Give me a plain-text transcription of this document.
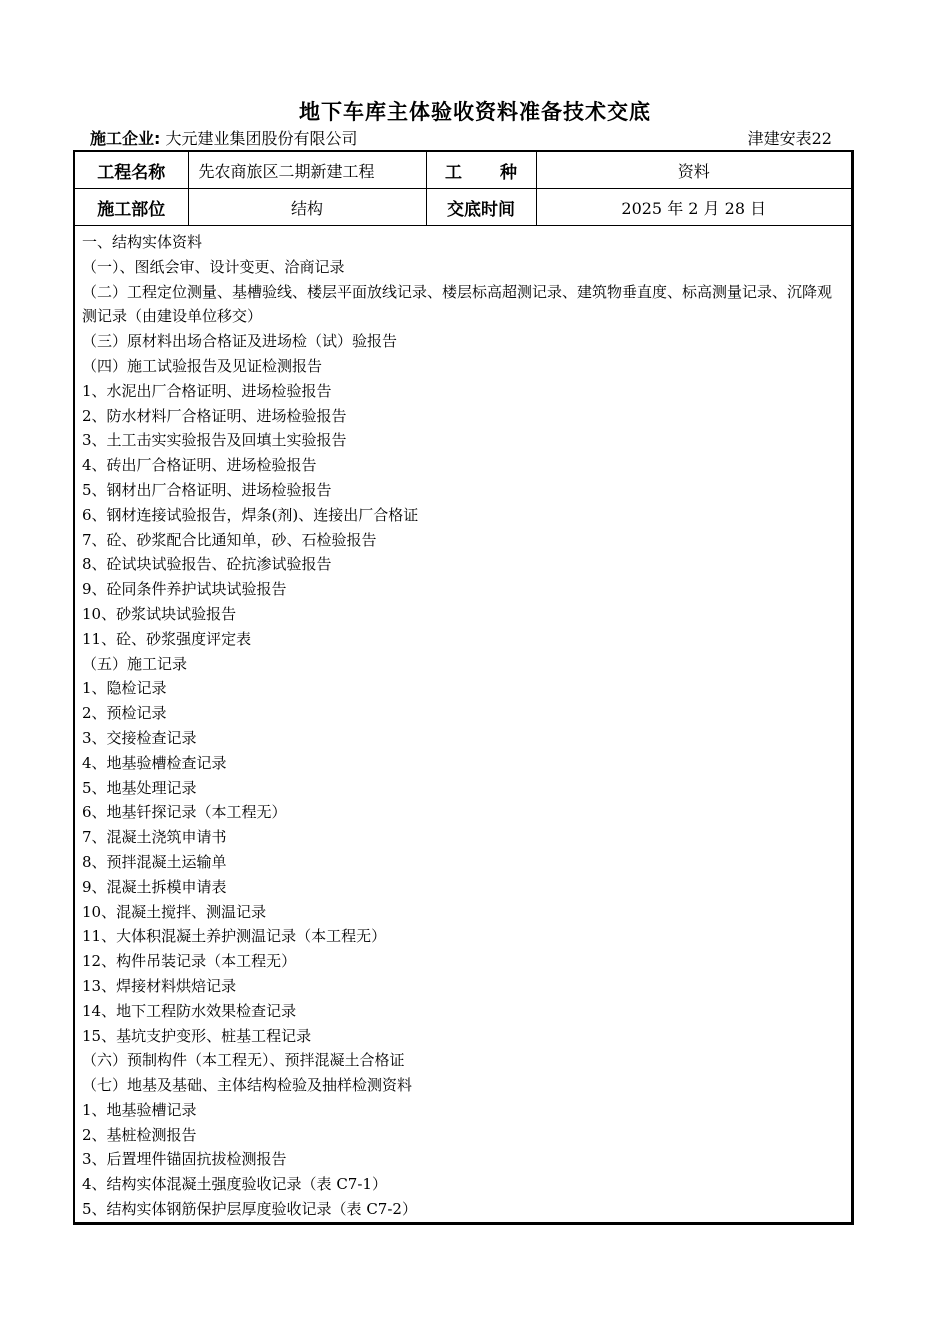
地下车库主体验收资料准备技术交底
施工企业: 大元建业集团股份有限公司	津建安表22
工程名称	先农商旅区二期新建工程	工 种	资料
施工部位	结构	交底时间	2025 年 2 月 28 日
一、结构实体资料
（一）、图纸会审、设计变更、洽商记录
（二）工程定位测量、基槽验线、楼层平面放线记录、楼层标高超测记录、建筑物垂直度、标高测量记录、沉降观测记录（由建设单位移交）
（三）原材料出场合格证及进场检（试）验报告
（四）施工试验报告及见证检测报告
1、水泥出厂合格证明、进场检验报告
2、防水材料厂合格证明、进场检验报告
3、土工击实实验报告及回填土实验报告
4、砖出厂合格证明、进场检验报告
5、钢材出厂合格证明、进场检验报告
6、钢材连接试验报告，焊条(剂)、连接出厂合格证
7、砼、砂浆配合比通知单，砂、石检验报告
8、砼试块试验报告、砼抗渗试验报告
9、砼同条件养护试块试验报告
10、砂浆试块试验报告
11、砼、砂浆强度评定表
（五）施工记录
1、隐检记录
2、预检记录
3、交接检查记录
4、地基验槽检查记录
5、地基处理记录
6、地基钎探记录（本工程无）
7、混凝土浇筑申请书
8、预拌混凝土运输单
9、混凝土拆模申请表
10、混凝土搅拌、测温记录
11、大体积混凝土养护测温记录（本工程无）
12、构件吊装记录（本工程无）
13、焊接材料烘焙记录
14、地下工程防水效果检查记录
15、基坑支护变形、桩基工程记录
（六）预制构件（本工程无）、预拌混凝土合格证
（七）地基及基础、主体结构检验及抽样检测资料
1、地基验槽记录
2、基桩检测报告
3、后置埋件锚固抗拔检测报告
4、结构实体混凝土强度验收记录（表 C7-1）
5、结构实体钢筋保护层厚度验收记录（表 C7-2）
